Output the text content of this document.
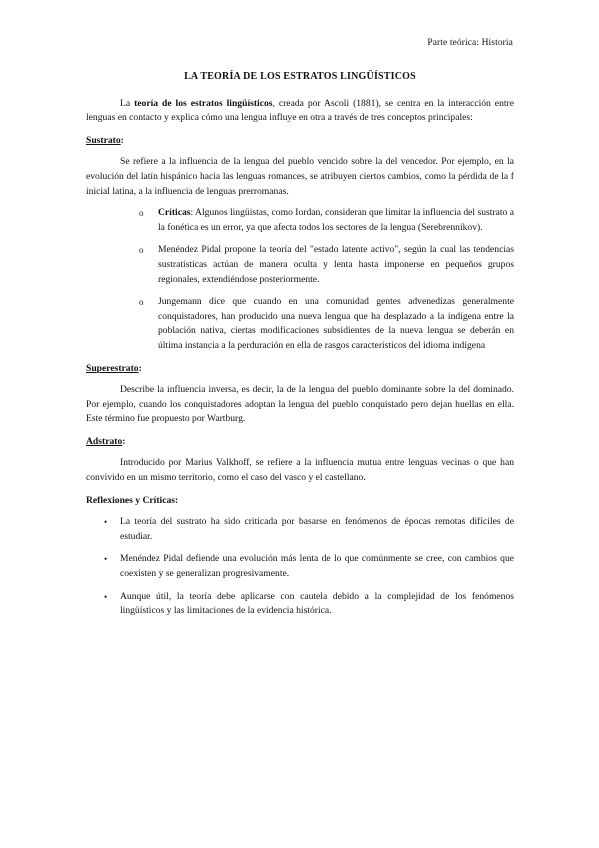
Parte teórica: Historia
LA TEORÍA DE LOS ESTRATOS LINGÜÍSTICOS

La teoría de los estratos lingüísticos, creada por Ascoli (1881), se centra en la interacción entre lenguas en contacto y explica cómo una lengua influye en otra a través de tres conceptos principales:

Sustrato:

Se refiere a la influencia de la lengua del pueblo vencido sobre la del vencedor. Por ejemplo, en la evolución del latín hispánico hacia las lenguas romances, se atribuyen ciertos cambios, como la pérdida de la f inicial latina, a la influencia de lenguas prerromanas.

o Críticas: Algunos lingüistas, como Iordan, consideran que limitar la influencia del sustrato a la fonética es un error, ya que afecta todos los sectores de la lengua (Serebrennikov).
o Menéndez Pidal propone la teoría del "estado latente activo", según la cual las tendencias sustratísticas actúan de manera oculta y lenta hasta imponerse en pequeños grupos regionales, extendiéndose posteriormente.
o Jungemann dice que cuando en una comunidad gentes advenedizas generalmente conquistadores, han producido una nueva lengua que ha desplazado a la indígena entre la población nativa, ciertas modificaciones subsidientes de la nueva lengua se deberán en última instancia a la perduración en ella de rasgos característicos del idioma indígena
Superestrato:

Describe la influencia inversa, es decir, la de la lengua del pueblo dominante sobre la del dominado. Por ejemplo, cuando los conquistadores adoptan la lengua del pueblo conquistado pero dejan huellas en ella. Este término fue propuesto por Wartburg.

Adstrato:

Introducido por Marius Valkhoff, se refiere a la influencia mutua entre lenguas vecinas o que han convivido en un mismo territorio, como el caso del vasco y el castellano.

Reflexiones y Críticas:
• La teoría del sustrato ha sido criticada por basarse en fenómenos de épocas remotas difíciles de estudiar.
• Menéndez Pidal defiende una evolución más lenta de lo que comúnmente se cree, con cambios que coexisten y se generalizan progresivamente.
• Aunque útil, la teoría debe aplicarse con cautela debido a la complejidad de los fenómenos lingüísticos y las limitaciones de la evidencia histórica.
